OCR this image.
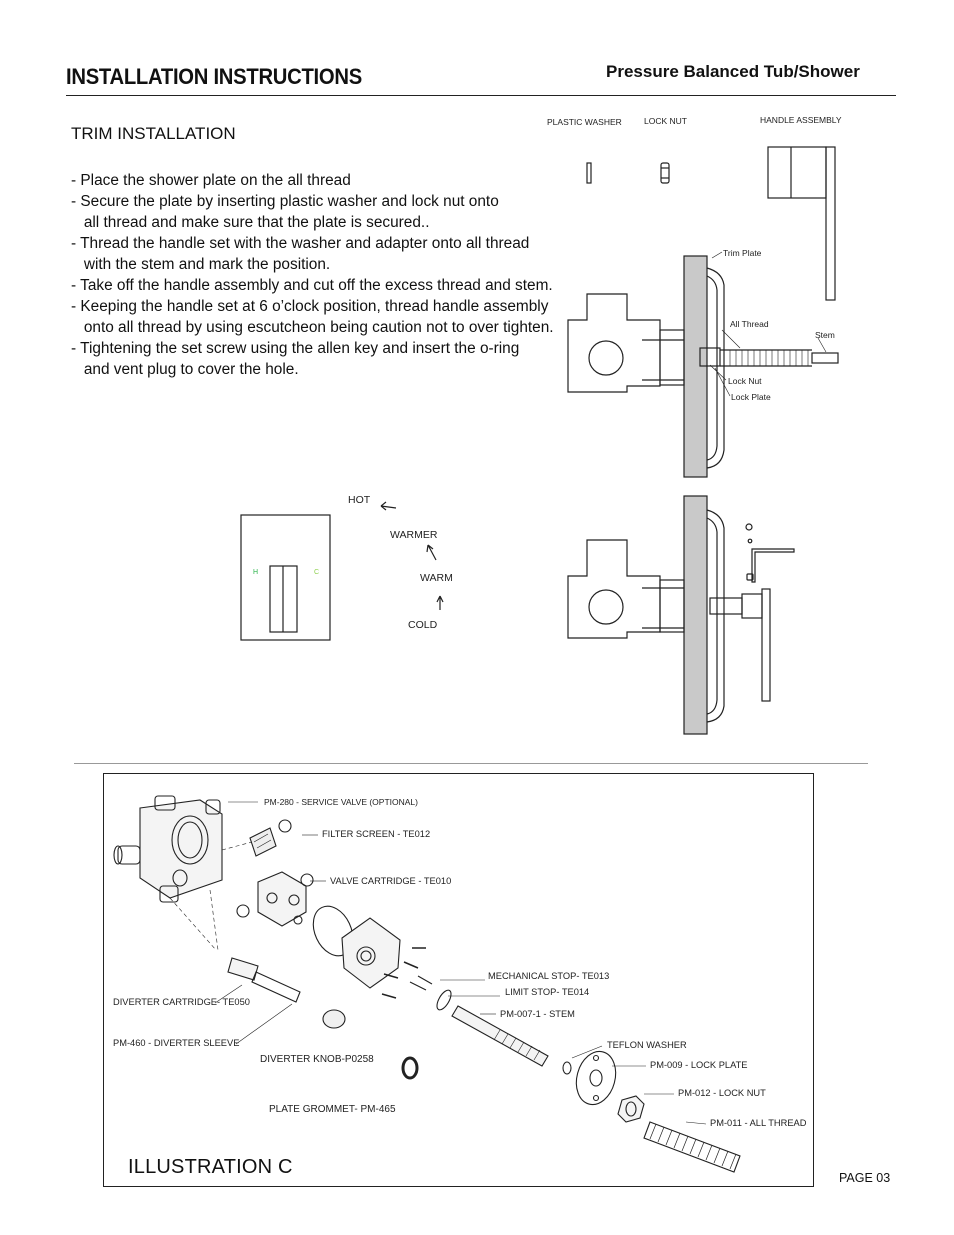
INSTALLATION INSTRUCTIONS	Pressure Balanced Tub/Shower
TRIM INSTALLATION
- Place the shower plate on the all thread
- Secure the plate by inserting plastic washer and lock nut onto
all thread and make sure that the plate is secured..
- Thread the handle set with the washer and adapter onto all thread
with the stem and mark the position.
- Take off the handle assembly and cut off the excess thread and stem.
- Keeping the handle set at 6 o’clock position, thread handle assembly
onto all thread by using escutcheon being caution not to over tighten.
- Tightening the set screw using the allen key and insert the o-ring
and vent plug to cover the hole.
PLASTIC WASHER	LOCK NUT	HANDLE ASSEMBLY
Trim Plate
All Thread
Stem
Lock Nut
Lock Plate
HOT
WARMER
WARM
COLD
H	C
PM-280 - SERVICE VALVE (OPTIONAL)
FILTER SCREEN - TE012
VALVE CARTRIDGE - TE010
MECHANICAL STOP- TE013
LIMIT STOP- TE014
PM-007-1 - STEM
DIVERTER CARTRIDGE- TE050
PM-460 - DIVERTER SLEEVE
DIVERTER KNOB-P0258
TEFLON WASHER
PM-009 - LOCK PLATE
PM-012 - LOCK NUT
PLATE GROMMET- PM-465
PM-011 - ALL THREAD
ILLUSTRATION C	PAGE 03
